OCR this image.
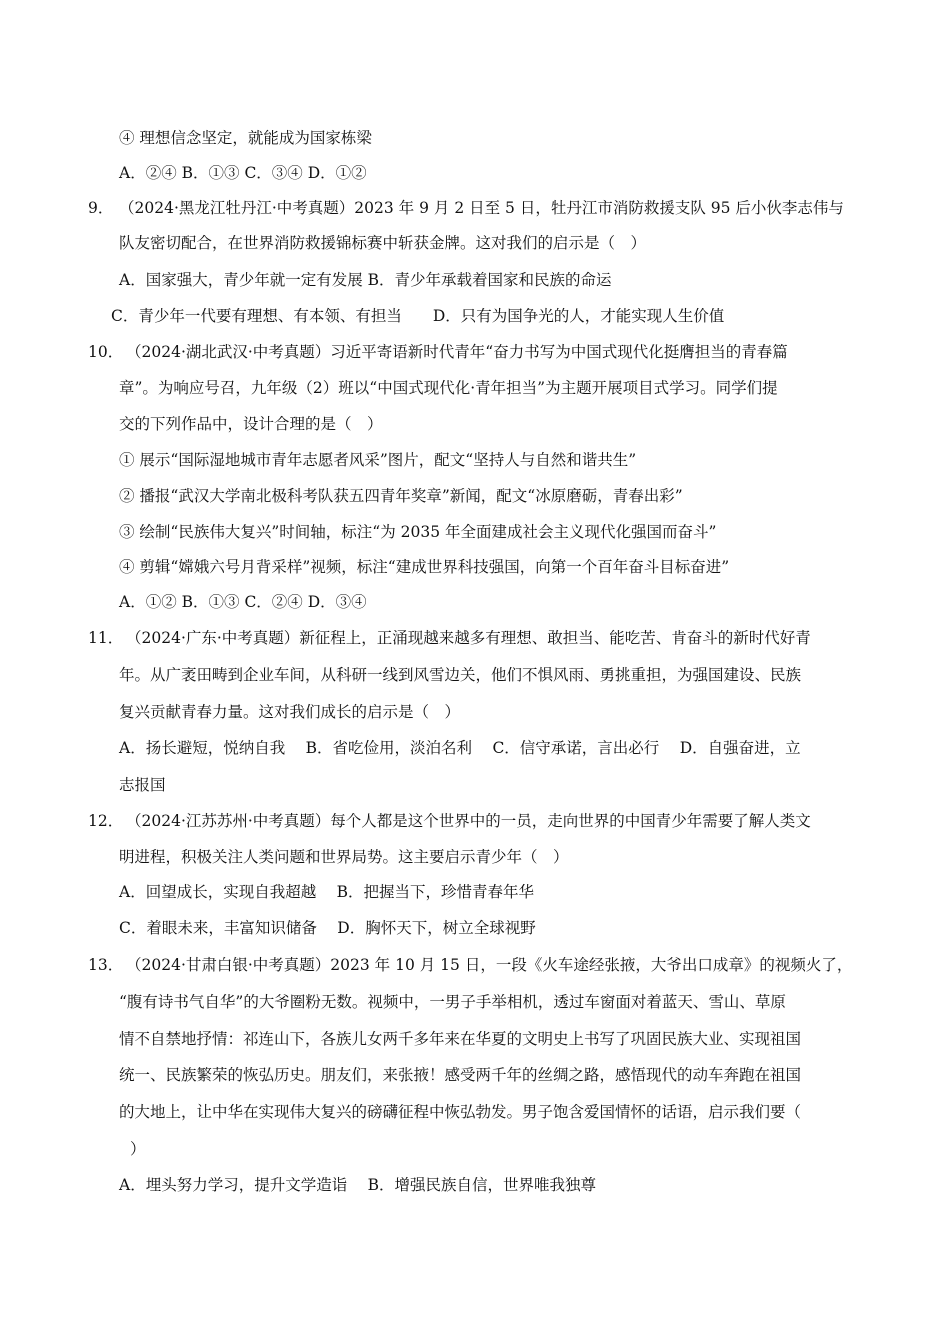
④ 理想信念坚定，就能成为国家栋梁
A．②④ B．①③ C．③④ D．①②
9． （2024·黑龙江牡丹江·中考真题）2023 年 9 月 2 日至 5 日，牡丹江市消防救援支队 95 后小伙李志伟与
队友密切配合，在世界消防救援锦标赛中斩获金牌。这对我们的启示是（　）
A．国家强大，青少年就一定有发展 B．青少年承载着国家和民族的命运
C．青少年一代要有理想、有本领、有担当　　D．只有为国争光的人，才能实现人生价值
10． （2024·湖北武汉·中考真题）习近平寄语新时代青年“奋力书写为中国式现代化挺膺担当的青春篇
章”。为响应号召，九年级（2）班以“中国式现代化·青年担当”为主题开展项目式学习。同学们提
交的下列作品中，设计合理的是（　）
① 展示“国际湿地城市青年志愿者风采”图片，配文“坚持人与自然和谐共生”
② 播报“武汉大学南北极科考队获五四青年奖章”新闻，配文“冰原磨砺，青春出彩”
③ 绘制“民族伟大复兴”时间轴，标注“为 2035 年全面建成社会主义现代化强国而奋斗”
④ 剪辑“嫦娥六号月背采样”视频，标注“建成世界科技强国，向第一个百年奋斗目标奋进”
A．①② B．①③ C．②④ D．③④
11． （2024·广东·中考真题）新征程上，正涌现越来越多有理想、敢担当、能吃苦、肯奋斗的新时代好青
年。从广袤田畴到企业车间，从科研一线到风雪边关，他们不惧风雨、勇挑重担，为强国建设、民族
复兴贡献青春力量。这对我们成长的启示是（　）
A．扬长避短，悦纳自我　 B．省吃俭用，淡泊名利　 C．信守承诺，言出必行　 D．自强奋进，立
志报国
12． （2024·江苏苏州·中考真题）每个人都是这个世界中的一员，走向世界的中国青少年需要了解人类文
明进程，积极关注人类问题和世界局势。这主要启示青少年（　）
A．回望成长，实现自我超越　 B．把握当下，珍惜青春年华
C．着眼未来，丰富知识储备　 D．胸怀天下，树立全球视野
13． （2024·甘肃白银·中考真题）2023 年 10 月 15 日，一段《火车途经张掖，大爷出口成章》的视频火了，
“腹有诗书气自华”的大爷圈粉无数。视频中，一男子手举相机，透过车窗面对着蓝天、雪山、草原
情不自禁地抒情：祁连山下，各族儿女两千多年来在华夏的文明史上书写了巩固民族大业、实现祖国
统一、民族繁荣的恢弘历史。朋友们，来张掖！感受两千年的丝绸之路，感悟现代的动车奔跑在祖国
的大地上，让中华在实现伟大复兴的磅礴征程中恢弘勃发。男子饱含爱国情怀的话语，启示我们要（
）
A．埋头努力学习，提升文学造诣　 B．增强民族自信，世界唯我独尊
